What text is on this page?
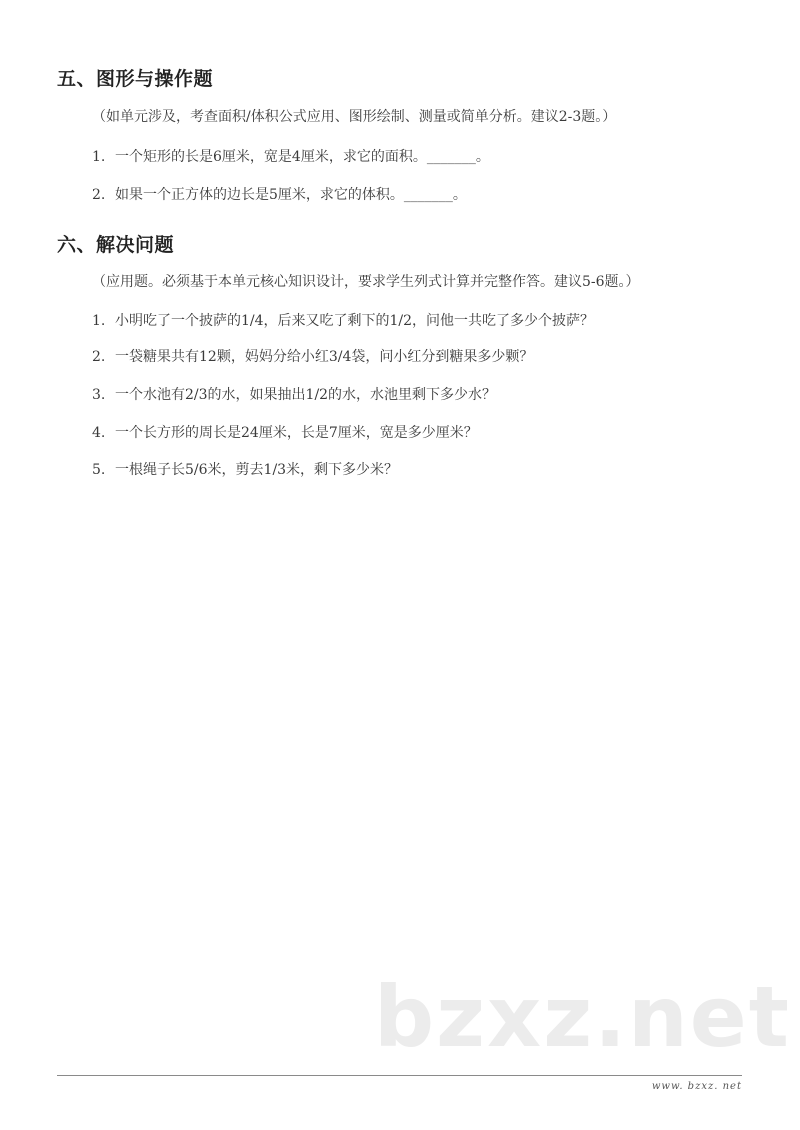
五、图形与操作题
（如单元涉及，考查面积/体积公式应用、图形绘制、测量或简单分析。建议2-3题。）
1. 一个矩形的长是6厘米，宽是4厘米，求它的面积。_______。
2. 如果一个正方体的边长是5厘米，求它的体积。_______。
六、解决问题
（应用题。必须基于本单元核心知识设计，要求学生列式计算并完整作答。建议5-6题。）
1. 小明吃了一个披萨的1/4，后来又吃了剩下的1/2，问他一共吃了多少个披萨？
2. 一袋糖果共有12颗，妈妈分给小红3/4袋，问小红分到糖果多少颗？
3. 一个水池有2/3的水，如果抽出1/2的水，水池里剩下多少水？
4. 一个长方形的周长是24厘米，长是7厘米，宽是多少厘米？
5. 一根绳子长5/6米，剪去1/3米，剩下多少米？
bzxz.net
www. bzxz. net
